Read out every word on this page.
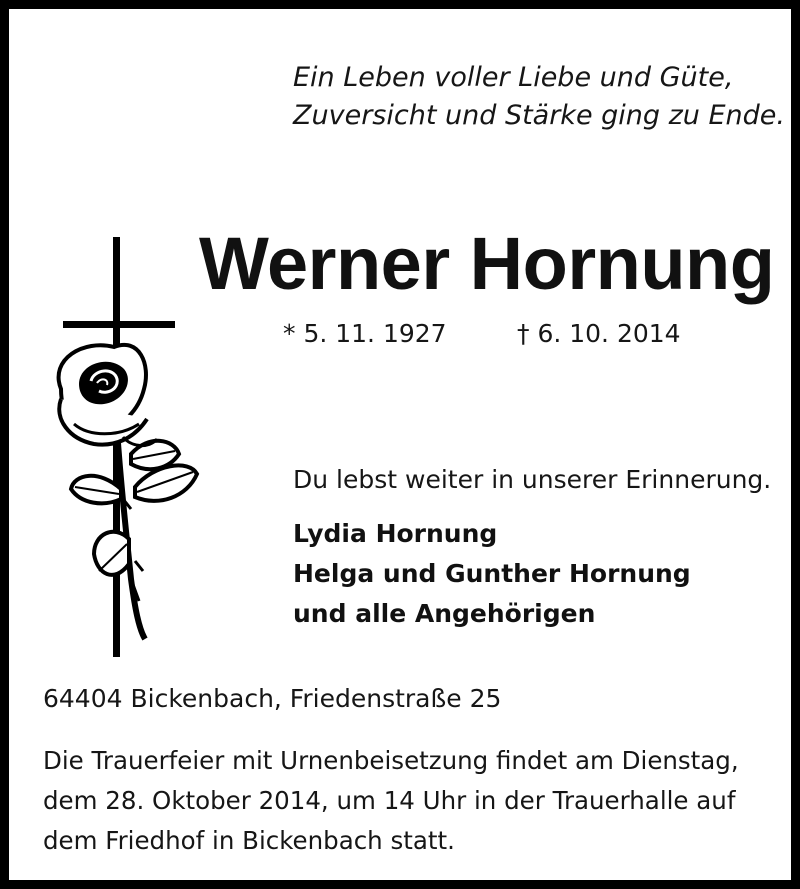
Ein Leben voller Liebe und Güte,
Zuversicht und Stärke ging zu Ende.
Werner Hornung
* 5. 11. 1927	† 6. 10. 2014
Du lebst weiter in unserer Erinnerung.
Lydia Hornung
Helga und Gunther Hornung
und alle Angehörigen
64404 Bickenbach, Friedenstraße 25
Die Trauerfeier mit Urnenbeisetzung findet am Dienstag,
dem 28. Oktober 2014, um 14 Uhr in der Trauerhalle auf
dem Friedhof in Bickenbach statt.
